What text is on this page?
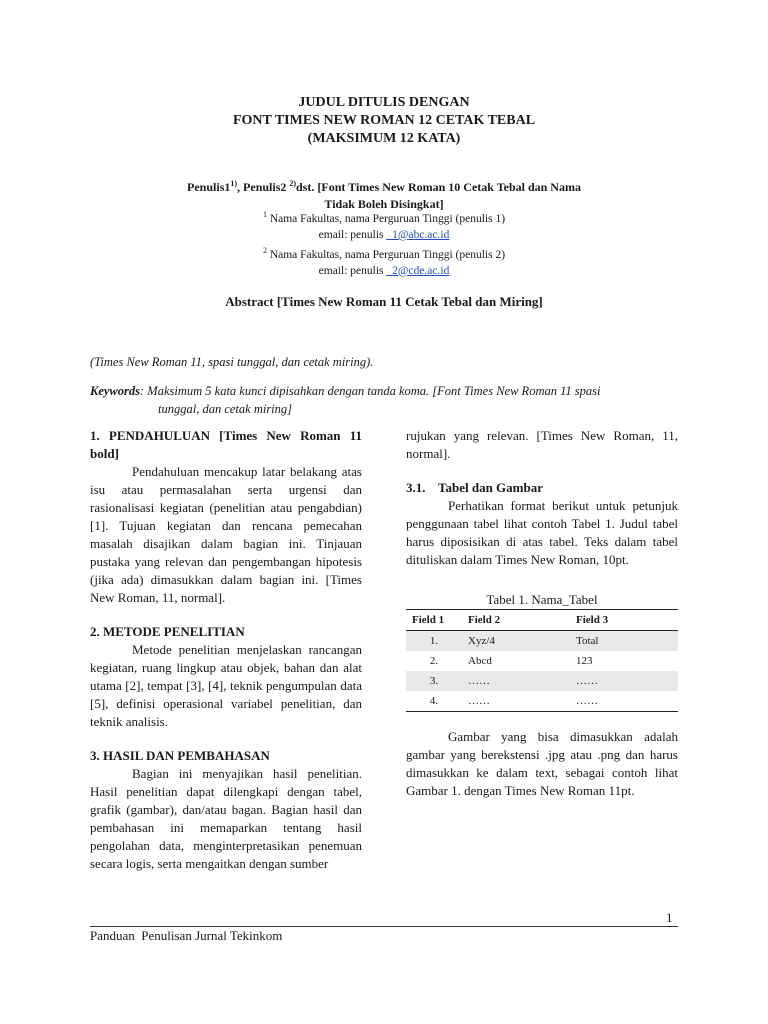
JUDUL DITULIS DENGAN
FONT TIMES NEW ROMAN 12 CETAK TEBAL
(MAKSIMUM 12 KATA)
Penulis1$^{1)}$, Penulis2 $^{2)}$dst. [Font Times New Roman 10 Cetak Tebal dan Nama
Tidak Boleh Disingkat]
$^1$ Nama Fakultas, nama Perguruan Tinggi (penulis 1)
email: penulis _1@abc.ac.id
$^2$ Nama Fakultas, nama Perguruan Tinggi (penulis 2)
email: penulis _2@cde.ac.id
Abstract [Times New Roman 11 Cetak Tebal dan Miring]
(Times New Roman 11, spasi tunggal, dan cetak miring).
Keywords: Maksimum 5 kata kunci dipisahkan dengan tanda koma. [Font Times New Roman 11 spasi
tunggal, dan cetak miring]
1. PENDAHULUAN [Times New Roman 11 bold]

Pendahuluan mencakup latar belakang atas isu atau permasalahan serta urgensi dan rasionalisasi kegiatan (penelitian atau pengabdian) [1]. Tujuan kegiatan dan rencana pemecahan masalah disajikan dalam bagian ini. Tinjauan pustaka yang relevan dan pengembangan hipotesis (jika ada) dimasukkan dalam bagian ini. [Times New Roman, 11, normal].

2. METODE PENELITIAN

Metode penelitian menjelaskan rancangan kegiatan, ruang lingkup atau objek, bahan dan alat utama [2], tempat [3], [4], teknik pengumpulan data [5], definisi operasional variabel penelitian, dan teknik analisis.

3. HASIL DAN PEMBAHASAN

Bagian ini menyajikan hasil penelitian. Hasil penelitian dapat dilengkapi dengan tabel, grafik (gambar), dan/atau bagan. Bagian hasil dan pembahasan ini memaparkan tentang hasil pengolahan data, menginterpretasikan penemuan secara logis, serta mengaitkan dengan sumber

rujukan yang relevan. [Times New Roman, 11, normal].

3.1. Tabel dan Gambar

Perhatikan format berikut untuk petunjuk penggunaan tabel lihat contoh Tabel 1. Judul tabel harus diposisikan di atas tabel. Teks dalam tabel dituliskan dalam Times New Roman, 10pt.

Tabel 1. Nama_Tabel
Field 1	Field 2	Field 3
1.	Xyz/4	Total
2.	Abcd	123
3.	……	……
4.	……	……

Gambar yang bisa dimasukkan adalah gambar yang berekstensi .jpg atau .png dan harus dimasukkan ke dalam text, sebagai contoh lihat Gambar 1. dengan Times New Roman 11pt.

1
Panduan  Penulisan Jurnal Tekinkom
